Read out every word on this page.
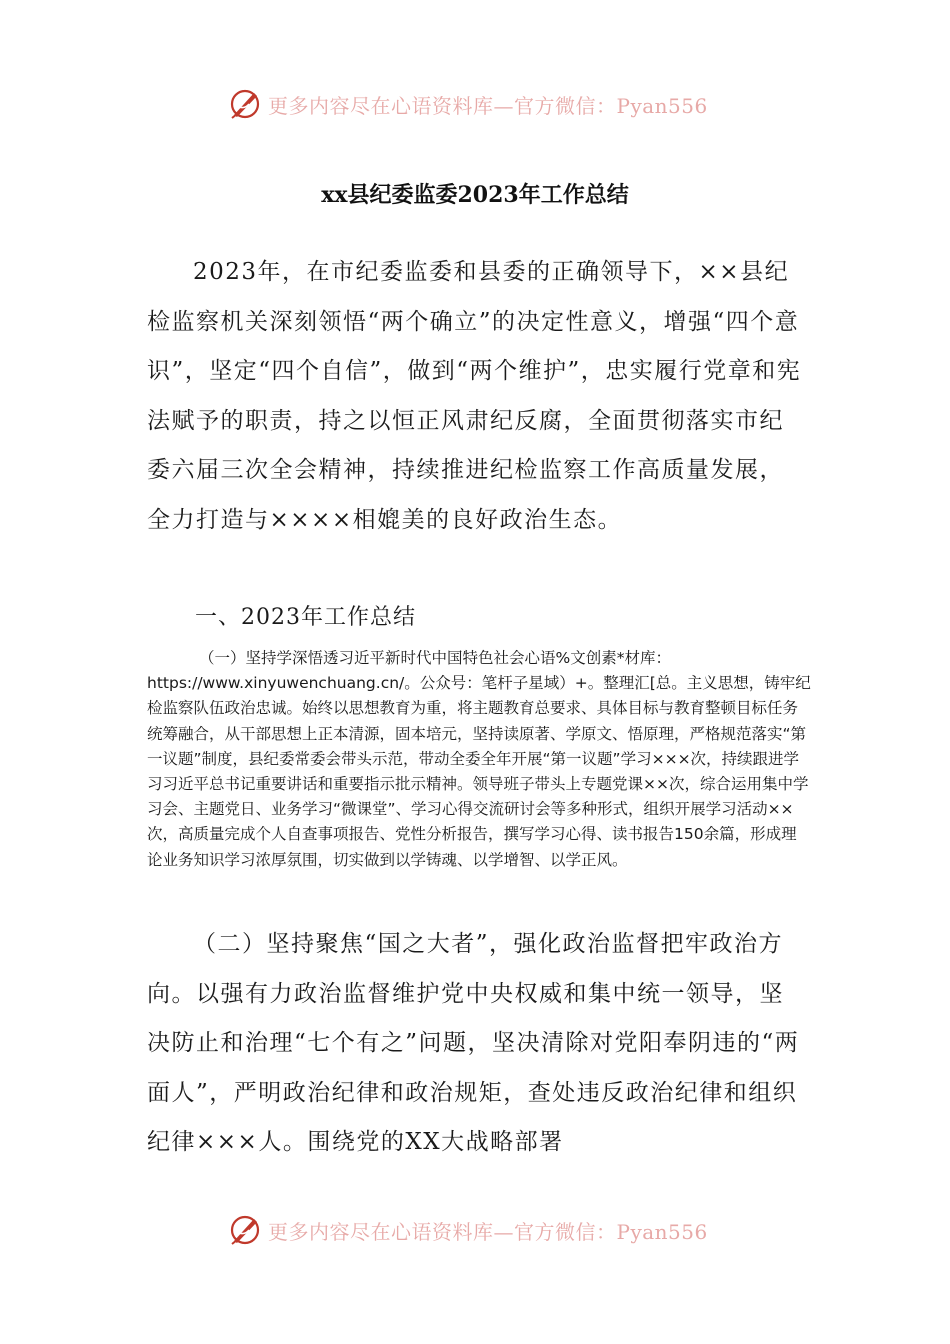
更多内容尽在心语资料库—官方微信：Pyan556
xx县纪委监委2023年工作总结

2023年，在市纪委监委和县委的正确领导下，××县纪检监察机关深刻领悟“两个确立”的决定性意义，增强“四个意识”，坚定“四个自信”，做到“两个维护”，忠实履行党章和宪法赋予的职责，持之以恒正风肃纪反腐，全面贯彻落实市纪委六届三次全会精神，持续推进纪检监察工作高质量发展，全力打造与××××相媲美的良好政治生态。

一、2023年工作总结

（一）坚持学深悟透习近平新时代中国特色社会心语%文创素*材库：https://www.xinyuwenchuang.cn/。公众号：笔杆子星域）+。整理汇[总。主义思想，铸牢纪检监察队伍政治忠诚。始终以思想教育为重，将主题教育总要求、具体目标与教育整顿目标任务统筹融合，从干部思想上正本清源，固本培元，坚持读原著、学原文、悟原理，严格规范落实“第一议题”制度，县纪委常委会带头示范，带动全委全年开展“第一议题”学习×××次，持续跟进学习习近平总书记重要讲话和重要指示批示精神。领导班子带头上专题党课××次，综合运用集中学习会、主题党日、业务学习“微课堂”、学习心得交流研讨会等多种形式，组织开展学习活动××次，高质量完成个人自查事项报告、党性分析报告，撰写学习心得、读书报告150余篇，形成理论业务知识学习浓厚氛围，切实做到以学铸魂、以学增智、以学正风。

（二）坚持聚焦“国之大者”，强化政治监督把牢政治方向。以强有力政治监督维护党中央权威和集中统一领导，坚决防止和治理“七个有之”问题，坚决清除对党阳奉阴违的“两面人”，严明政治纪律和政治规矩，查处违反政治纪律和组织纪律×××人。围绕党的XX大战略部署

更多内容尽在心语资料库—官方微信：Pyan556
